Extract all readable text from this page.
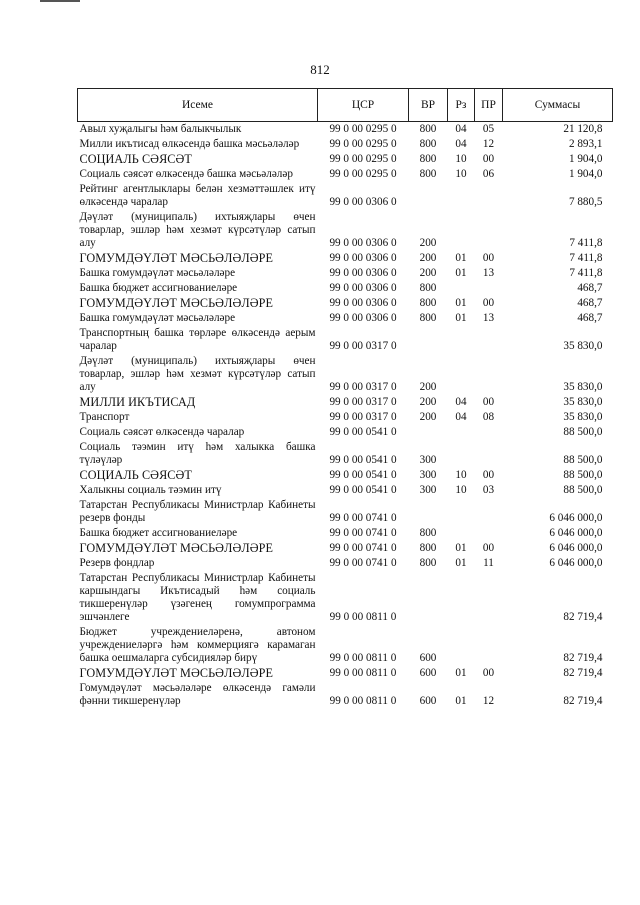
812
Исеме	ЦСР	ВР	Рз	ПР	Суммасы
Авыл хуҗалыгы һәм балыкчылык	99 0 00 0295 0	800	04	05	21 120,8
Милли икътисад өлкәсендә башка мәсьәләләр	99 0 00 0295 0	800	04	12	2 893,1
СОЦИАЛЬ СӘЯСӘТ	99 0 00 0295 0	800	10	00	1 904,0
Социаль сәясәт өлкәсендә башка мәсьәләләр	99 0 00 0295 0	800	10	06	1 904,0
Рейтинг агентлыклары белән хезмәттәшлек итү өлкәсендә чаралар	99 0 00 0306 0				7 880,5
Дәүләт (муниципаль) ихтыяҗлары өчен товарлар, эшләр һәм хезмәт күрсәтүләр сатып алу	99 0 00 0306 0	200			7 411,8
ГОМУМДӘҮЛӘТ МӘСЬӘЛӘЛӘРЕ	99 0 00 0306 0	200	01	00	7 411,8
Башка гомумдәүләт мәсьәләләре	99 0 00 0306 0	200	01	13	7 411,8
Башка бюджет ассигнованиеләре	99 0 00 0306 0	800			468,7
ГОМУМДӘҮЛӘТ МӘСЬӘЛӘЛӘРЕ	99 0 00 0306 0	800	01	00	468,7
Башка гомумдәүләт мәсьәләләре	99 0 00 0306 0	800	01	13	468,7
Транспортның башка төрләре өлкәсендә аерым чаралар	99 0 00 0317 0				35 830,0
Дәүләт (муниципаль) ихтыяҗлары өчен товарлар, эшләр һәм хезмәт күрсәтүләр сатып алу	99 0 00 0317 0	200			35 830,0
МИЛЛИ ИКЪТИСАД	99 0 00 0317 0	200	04	00	35 830,0
Транспорт	99 0 00 0317 0	200	04	08	35 830,0
Социаль сәясәт өлкәсендә чаралар	99 0 00 0541 0				88 500,0
Социаль тәэмин итү һәм халыкка башка түләүләр	99 0 00 0541 0	300			88 500,0
СОЦИАЛЬ СӘЯСӘТ	99 0 00 0541 0	300	10	00	88 500,0
Халыкны социаль тәэмин итү	99 0 00 0541 0	300	10	03	88 500,0
Татарстан Республикасы Министрлар Кабинеты резерв фонды	99 0 00 0741 0				6 046 000,0
Башка бюджет ассигнованиеләре	99 0 00 0741 0	800			6 046 000,0
ГОМУМДӘҮЛӘТ МӘСЬӘЛӘЛӘРЕ	99 0 00 0741 0	800	01	00	6 046 000,0
Резерв фондлар	99 0 00 0741 0	800	01	11	6 046 000,0
Татарстан Республикасы Министрлар Кабинеты каршындагы Икътисадый һәм социаль тикшеренүләр үзәгенең гомумпрограмма эшчәнлеге	99 0 00 0811 0				82 719,4
Бюджет учреждениеләренә, автоном учреждениеләргә һәм коммерциягә карамаган башка оешмаларга субсидияләр бирү	99 0 00 0811 0	600			82 719,4
ГОМУМДӘҮЛӘТ МӘСЬӘЛӘЛӘРЕ	99 0 00 0811 0	600	01	00	82 719,4
Гомумдәүләт мәсьәләләре өлкәсендә гамәли фәнни тикшеренүләр	99 0 00 0811 0	600	01	12	82 719,4
